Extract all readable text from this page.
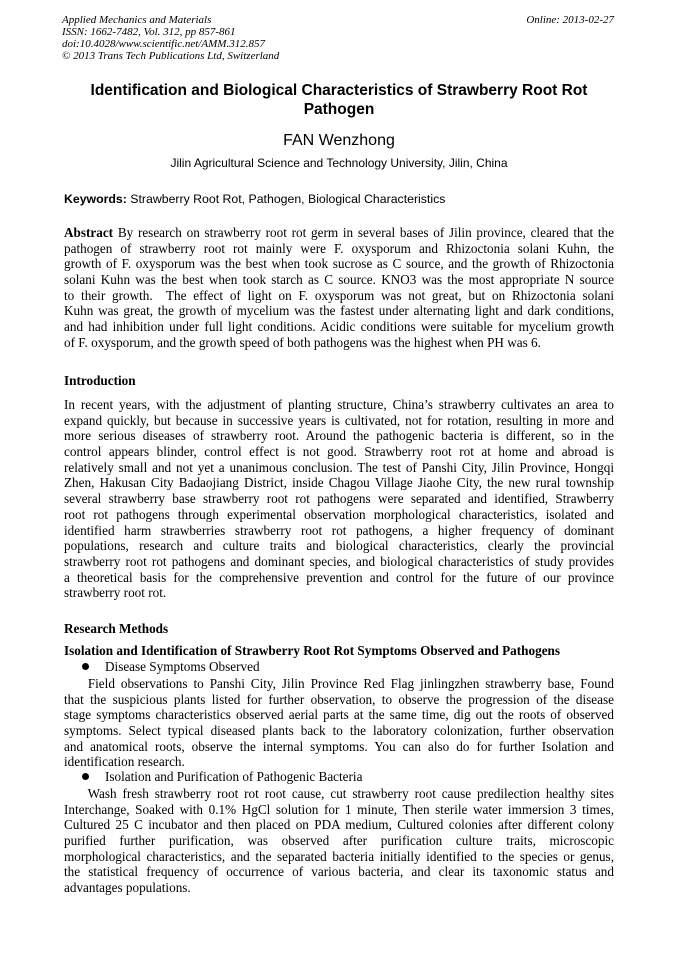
Applied Mechanics and Materials
ISSN: 1662-7482, Vol. 312, pp 857-861
doi:10.4028/www.scientific.net/AMM.312.857
© 2013 Trans Tech Publications Ltd, Switzerland
Online: 2013-02-27
Identification and Biological Characteristics of Strawberry Root Rot
Pathogen
FAN Wenzhong
Jilin Agricultural Science and Technology University, Jilin, China
Keywords: Strawberry Root Rot, Pathogen, Biological Characteristics
Abstract By research on strawberry root rot germ in several bases of Jilin province, cleared that the
pathogen of strawberry root rot mainly were F. oxysporum and Rhizoctonia solani Kuhn, the
growth of F. oxysporum was the best when took sucrose as C source, and the growth of Rhizoctonia
solani Kuhn was the best when took starch as C source. KNO3 was the most appropriate N source
to their growth.  The effect of light on F. oxysporum was not great, but on Rhizoctonia solani
Kuhn was great, the growth of mycelium was the fastest under alternating light and dark conditions,
and had inhibition under full light conditions. Acidic conditions were suitable for mycelium growth
of F. oxysporum, and the growth speed of both pathogens was the highest when PH was 6.
Introduction
In recent years, with the adjustment of planting structure, China’s strawberry cultivates an area to
expand quickly, but because in successive years is cultivated, not for rotation, resulting in more and
more serious diseases of strawberry root. Around the pathogenic bacteria is different, so in the
control appears blinder, control effect is not good. Strawberry root rot at home and abroad is
relatively small and not yet a unanimous conclusion. The test of Panshi City, Jilin Province, Hongqi
Zhen, Hakusan City Badaojiang District, inside Chagou Village Jiaohe City, the new rural township
several strawberry base strawberry root rot pathogens were separated and identified, Strawberry
root rot pathogens through experimental observation morphological characteristics, isolated and
identified harm strawberries strawberry root rot pathogens, a higher frequency of dominant
populations, research and culture traits and biological characteristics, clearly the provincial
strawberry root rot pathogens and dominant species, and biological characteristics of study provides
a theoretical basis for the comprehensive prevention and control for the future of our province
strawberry root rot.
Research Methods
Isolation and Identification of Strawberry Root Rot Symptoms Observed and Pathogens
Disease Symptoms Observed
Field observations to Panshi City, Jilin Province Red Flag jinlingzhen strawberry base, Found
that the suspicious plants listed for further observation, to observe the progression of the disease
stage symptoms characteristics observed aerial parts at the same time, dig out the roots of observed
symptoms. Select typical diseased plants back to the laboratory colonization, further observation
and anatomical roots, observe the internal symptoms. You can also do for further Isolation and
identification research.
Isolation and Purification of Pathogenic Bacteria
Wash fresh strawberry root rot root cause, cut strawberry root cause predilection healthy sites
Interchange, Soaked with 0.1% HgCl solution for 1 minute, Then sterile water immersion 3 times,
Cultured 25 C incubator and then placed on PDA medium, Cultured colonies after different colony
purified further purification, was observed after purification culture traits, microscopic
morphological characteristics, and the separated bacteria initially identified to the species or genus,
the statistical frequency of occurrence of various bacteria, and clear its taxonomic status and
advantages populations.
